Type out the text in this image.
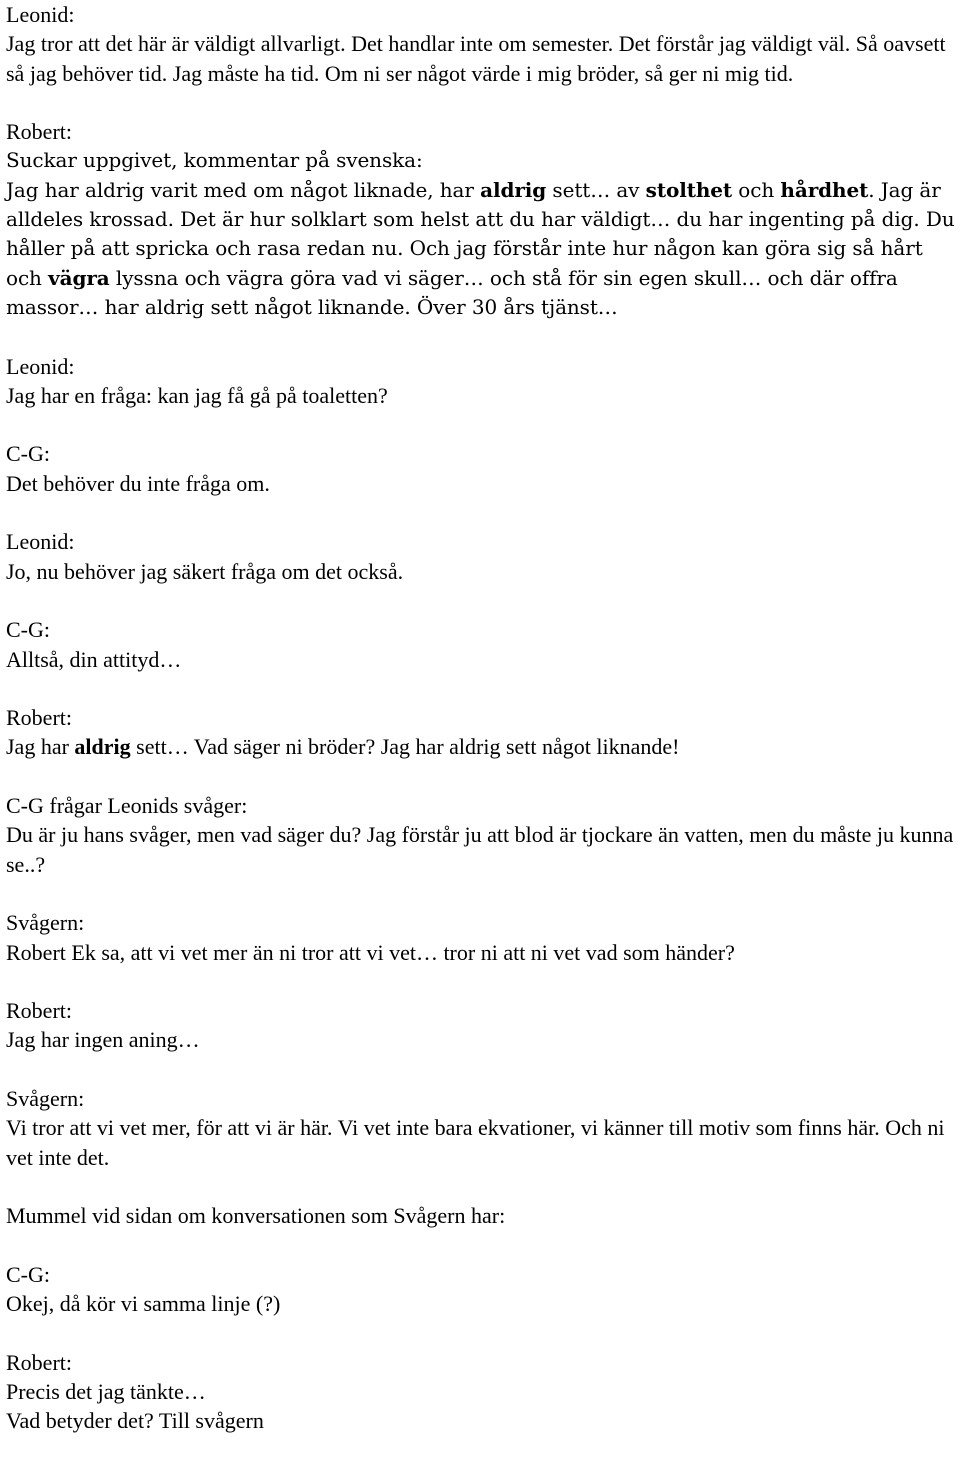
Leonid:
Jag tror att det här är väldigt allvarligt. Det handlar inte om semester. Det förstår jag väldigt väl. Så oavsett så jag behöver tid. Jag måste ha tid. Om ni ser något värde i mig bröder, så ger ni mig tid.
Robert:
Suckar uppgivet, kommentar på svenska:
Jag har aldrig varit med om något liknade, har aldrig sett… av stolthet och hårdhet. Jag är alldeles krossad. Det är hur solklart som helst att du har väldigt… du har ingenting på dig. Du håller på att spricka och rasa redan nu. Och jag förstår inte hur någon kan göra sig så hårt och vägra lyssna och vägra göra vad vi säger… och stå för sin egen skull… och där offra massor… har aldrig sett något liknande. Över 30 års tjänst…
Leonid:
Jag har en fråga: kan jag få gå på toaletten?
C-G:
Det behöver du inte fråga om.
Leonid:
Jo, nu behöver jag säkert fråga om det också.
C-G:
Alltså, din attityd…
Robert:
Jag har aldrig sett… Vad säger ni bröder? Jag har aldrig sett något liknande!
C-G frågar Leonids svåger:
Du är ju hans svåger, men vad säger du? Jag förstår ju att blod är tjockare än vatten, men du måste ju kunna se..?
Svågern:
Robert Ek sa, att vi vet mer än ni tror att vi vet… tror ni att ni vet vad som händer?
Robert:
Jag har ingen aning…
Svågern:
Vi tror att vi vet mer, för att vi är här. Vi vet inte bara ekvationer, vi känner till motiv som finns här. Och ni vet inte det.
Mummel vid sidan om konversationen som Svågern har:
C-G:
Okej, då kör vi samma linje (?)
Robert:
Precis det jag tänkte…
Vad betyder det? Till svågern
